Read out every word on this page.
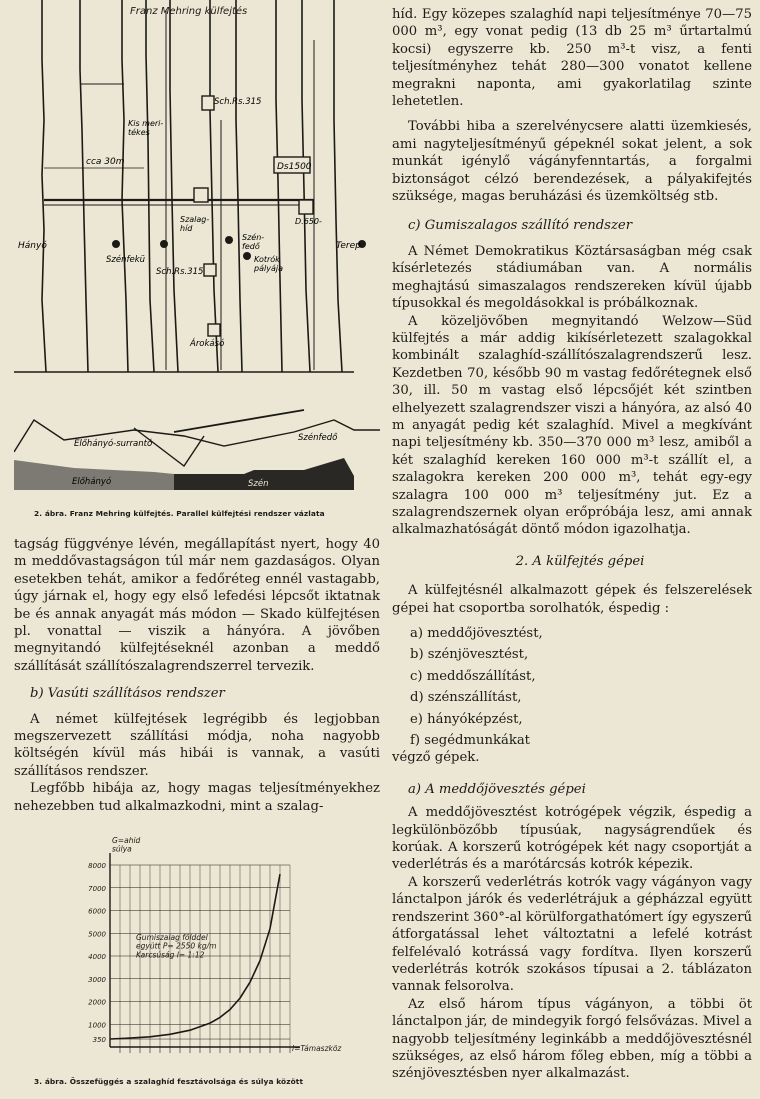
Franz Mehring külfejtés
Sch.Rs.315
Kis meri-tékes
cca 30m	Ds1500
Szalag-híd
D.650-
Hányó
Szénfekü
Szén-fedő
Kotrók pályája
Terep
Sch.Rs.315
Árokásó
Előhányó-surrantó
Szénfedő
Előhányó	Szén

2. ábra. Franz Mehring külfejtés. Parallel külfejtési rendszer vázlata

tagság függvénye lévén, megállapítást nyert, hogy 40 m meddővastagságon túl már nem gazdaságos. Olyan esetekben tehát, amikor a fedőréteg ennél vastagabb, úgy járnak el, hogy egy első lefedési lépcsőt iktatnak be és annak anyagát más módon — Skado külfejtésen pl. vonattal — viszik a hányóra. A jövőben megnyitandó külfejtéseknél azonban a meddő szállítását szállítószalagrendszerrel tervezik.

b) Vasúti szállításos rendszer

A német külfejtések legrégibb és legjobban megszervezett szállítási módja, noha nagyobb költségén kívül más hibái is vannak, a vasúti szállításos rendszer.

Legfőbb hibája az, hogy magas teljesítményekhez nehezebben tud alkalmazkodni, mint a szalag-

350
1000
2000
3000
4000
5000
6000
7000
8000
G=ahid súlya
l=Támaszköz
Gumiszalag földdel együtt P= 2550 kg/m Karcsúság l= 1:12

3. ábra. Összefüggés a szalaghíd fesztávolsága és súlya között

híd. Egy közepes szalaghíd napi teljesítménye 70—75 000 m³, egy vonat pedig (13 db 25 m³ űrtartalmú kocsi) egyszerre kb. 250 m³-t visz, a fenti teljesítményhez tehát 280—300 vonatot kellene megrakni naponta, ami gyakorlatilag szinte lehetetlen.

További hiba a szerelvénycsere alatti üzemkiesés, ami nagyteljesítményű gépeknél sokat jelent, a sok munkát igénylő vágányfenntartás, a forgalmi biztonságot célzó berendezések, a pályakifejtés szüksége, magas beruházási és üzemköltség stb.

c) Gumiszalagos szállító rendszer

A Német Demokratikus Köztársaságban még csak kísérletezés stádiumában van. A normális meghajtású simaszalagos rendszereken kívül újabb típusokkal és megoldásokkal is próbálkoznak.

A közeljövőben megnyitandó Welzow—Süd külfejtés a már addig kikísérletezett szalagokkal kombinált szalaghíd-szállítószalagrendszerű lesz. Kezdetben 70, később 90 m vastag fedőrétegnek első 30, ill. 50 m vastag első lépcsőjét két szintben elhelyezett szalagrendszer viszi a hányóra, az alsó 40 m anyagát pedig két szalaghíd. Mivel a megkívánt napi teljesítmény kb. 350—370 000 m³ lesz, amiből a két szalaghíd kereken 160 000 m³-t szállít el, a szalagokra kereken 200 000 m³, tehát egy-egy szalagra 100 000 m³ teljesítmény jut. Ez a szalagrendszernek olyan erőpróbája lesz, ami annak alkalmazhatóságát döntő módon igazolhatja.

2. A külfejtés gépei

A külfejtésnél alkalmazott gépek és felszerelések gépei hat csoportba sorolhatók, éspedig :

a) meddőjövesztést,
b) szénjövesztést,
c) meddőszállítást,
d) szénszállítást,
e) hányóképzést,
f) segédmunkákat

végző gépek.

a) A meddőjövesztés gépei

A meddőjövesztést kotrógépek végzik, éspedig a legkülönbözőbb típusúak, nagyságrendűek és korúak. A korszerű kotrógépek két nagy csoportját a vederlétrás és a marótárcsás kotrók képezik.

A korszerű vederlétrás kotrók vagy vágányon vagy lánctalpon járók és vederlétrájuk a gépházzal együtt rendszerint 360°-al körülforgathatómert így egyszerű átforgatással lehet változtatni a lefelé kotrást felfelévaló kotrássá vagy fordítva. Ilyen korszerű vederlétrás kotrók szokásos típusai a 2. táblázaton vannak felsorolva.

Az első három típus vágányon, a többi öt lánctalpon jár, de mindegyik forgó felsővázas. Mivel a nagyobb teljesítmény leginkább a meddőjövesztésnél szükséges, az első három főleg ebben, míg a többi a szénjövesztésben nyer alkalmazást.
